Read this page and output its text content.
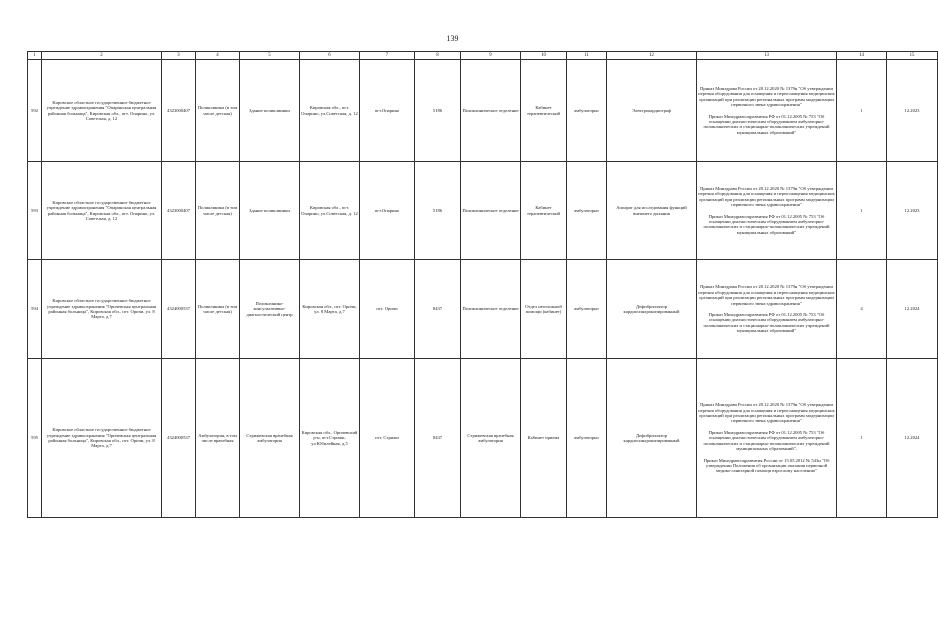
139
1	2	3	4	5	6	7	8	9	10	11	12	13	14	15
592	Кировское областное государственное бюджетное учреждение здравоохранения "Опаринская центральная районная больница", Кировская обл., пгт. Опарино, ул. Советская, д. 12	4323000407	Поликлиника (в том числе детская)	Здание поликлиники	Кировская обл., пгт. Опарино, ул.Советская, д. 12	пгт.Опарино	5186	Поликлиническое отделение	Кабинет терапевтический	амбулаторно	Электрокардиограф	Приказ Минздрава России от 28.12.2020 № 1379н "Об утверждении перечня оборудования для оснащения и переоснащения медицинских организаций при реализации региональных программ модернизации первичного звена здравоохранения"
Приказ Минздравсоцразвития РФ от 01.12.2005 № 753 "Об оснащении диагностическим оборудованием амбулаторно-поликлинических и стационарно-поликлинических учреждений муниципальных образований"	1	12.2023
593	Кировское областное государственное бюджетное учреждение здравоохранения "Опаринская центральная районная больница", Кировская обл., пгт. Опарино, ул. Советская, д. 12	4323000407	Поликлиника (в том числе детская)	Здание поликлиники	Кировская обл., пгт. Опарино, ул.Советская, д. 12	пгт.Опарино	5186	Поликлиническое отделение	Кабинет терапевтический	амбулаторно	Аппарат для исследования функций внешнего дыхания	Приказ Минздрава России от 28.12.2020 № 1379н "Об утверждении перечня оборудования для оснащения и переоснащения медицинских организаций при реализации региональных программ модернизации первичного звена здравоохранения"
Приказ Минздравсоцразвития РФ от 01.12.2005 № 753 "Об оснащении диагностическим оборудованием амбулаторно-поликлинических и стационарно-поликлинических учреждений муниципальных образований"	1	12.2023
594	Кировское областное государственное бюджетное учреждение здравоохранения "Оричевская центральная районная больница", Кировская обл., пгт. Оричи, ул. 8 Марта, д.7	4324000537	Поликлиника (в том числе детская)	Поликлинико-консультативно-диагностический центр	Кировская обл., пгт. Оричи, ул. 8 Марта, д.7	пгт. Оричи	8437	Поликлиническое отделение	Отдел неотложной помощи (кабинет)	амбулаторно	Дефибриллятор кардиосинхронизированный	Приказ Минздрава России от 28.12.2020 № 1379н "Об утверждении перечня оборудования для оснащения и переоснащения медицинских организаций при реализации региональных программ модернизации первичного звена здравоохранения"
Приказ Минздравсоцразвития РФ от 01.12.2005 № 753 "Об оснащении диагностическим оборудованием амбулаторно-поликлинических и стационарно-поликлинических учреждений муниципальных образований"	4	12.2024
595	Кировское областное государственное бюджетное учреждение здравоохранения "Оричевская центральная районная больница", Кировская обл., пгт. Оричи, ул. 8 Марта, д.7	4324000537	Амбулатория, в том числе врачебная	Стрижевская врачебная амбулатория	Кировская обл., Оричевский р-н, пгт.Стрижи, ул.Юбилейная, д.5	пгт. Стрижи	8437	Стрижевская врачебная амбулатория	Кабинет приема	амбулаторно	Дефибриллятор кардиосинхронизированный	Приказ Минздрава России от 28.12.2020 № 1379н "Об утверждении перечня оборудования для оснащения и переоснащения медицинских организаций при реализации региональных программ модернизации первичного звена здравоохранения"
Приказ Минздравсоцразвития РФ от 01.12.2005 № 753 "Об оснащении диагностическим оборудованием амбулаторно-поликлинических и стационарно-поликлинических учреждений муниципальных образований",
Приказ Минздравсоцразвития России от 15.05.2012 № 543н "Об утверждении Положения об организации оказания первичной медико-санитарной помощи взрослому населению"	1	12.2024
